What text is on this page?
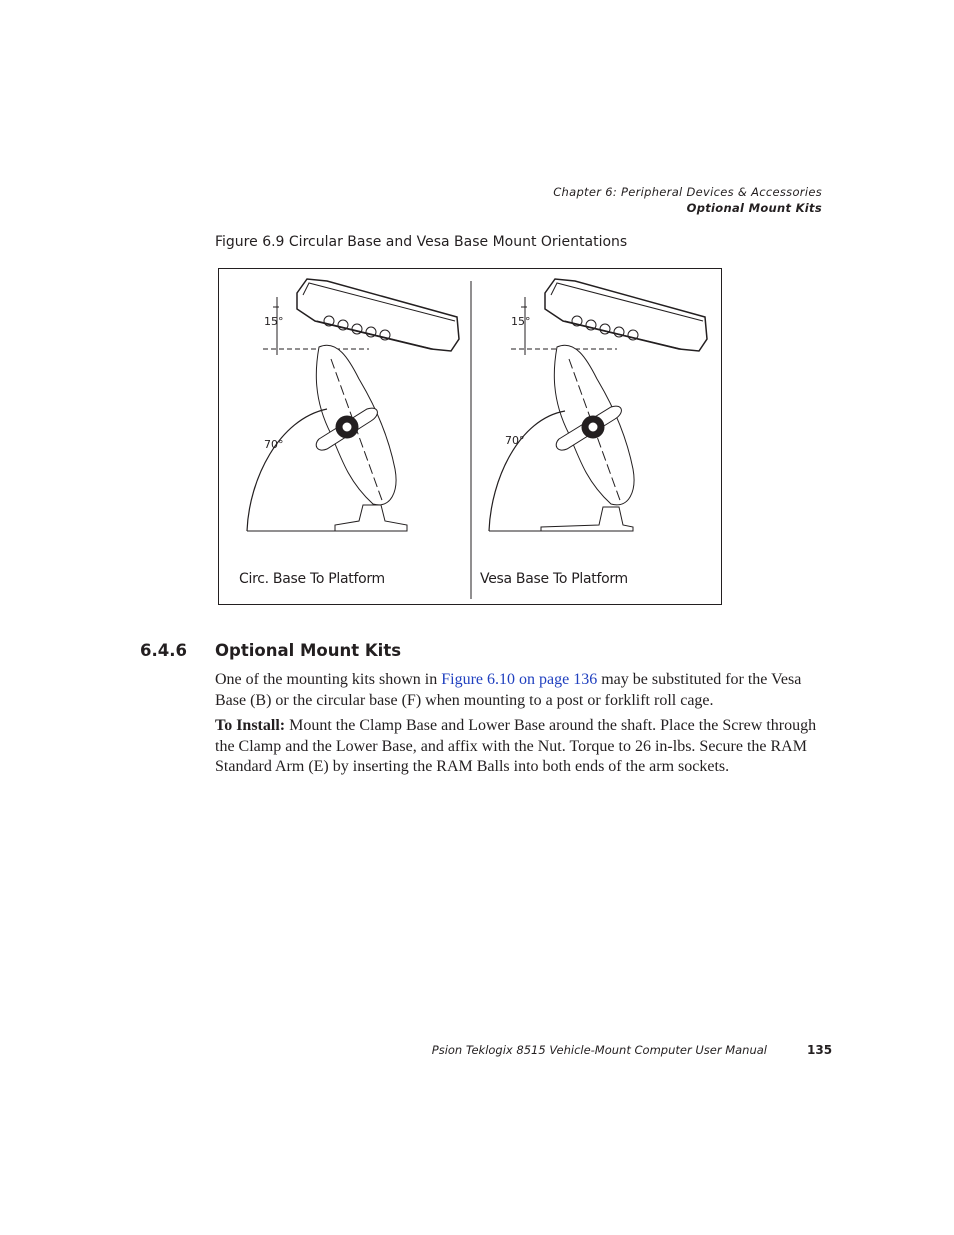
Chapter 6: Peripheral Devices & Accessories
Optional Mount Kits
Figure 6.9 Circular Base and Vesa Base Mount Orientations
15°
70°
15°
70°
Circ. Base To Platform	Vesa Base To Platform
6.4.6 Optional Mount Kits

One of the mounting kits shown in Figure 6.10 on page 136 may be substituted for the Vesa Base (B) or the circular base (F) when mounting to a post or forklift roll cage.

To Install: Mount the Clamp Base and Lower Base around the shaft. Place the Screw through the Clamp and the Lower Base, and affix with the Nut. Torque to 26 in-lbs. Secure the RAM Standard Arm (E) by inserting the RAM Balls into both ends of the arm sockets.

Psion Teklogix 8515 Vehicle-Mount Computer User Manual	135
